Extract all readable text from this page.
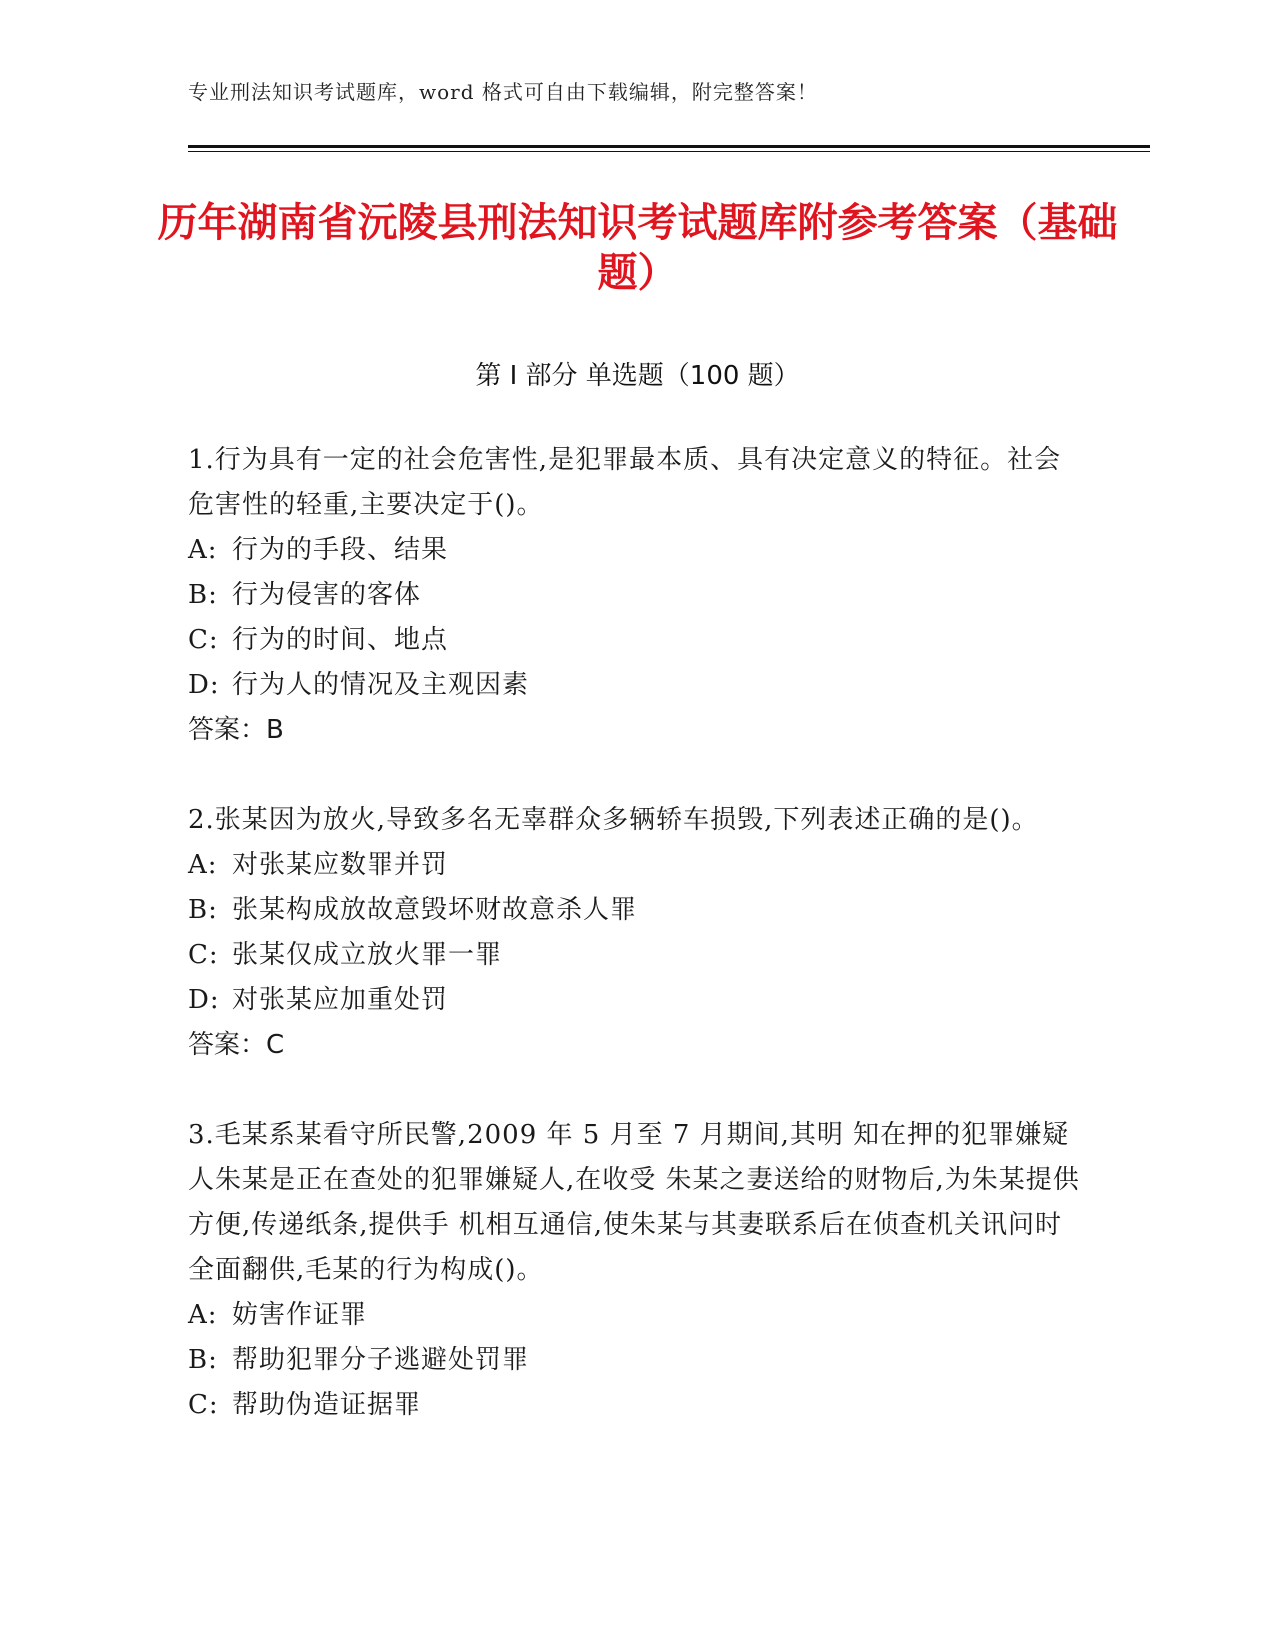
专业刑法知识考试题库，word 格式可自由下载编辑，附完整答案！
历年湖南省沅陵县刑法知识考试题库附参考答案（基础题）
第 I 部分 单选题（100 题）
1.行为具有一定的社会危害性,是犯罪最本质、具有决定意义的特征。社会危害性的轻重,主要决定于()。
A: 行为的手段、结果
B: 行为侵害的客体
C: 行为的时间、地点
D: 行为人的情况及主观因素
答案：B
2.张某因为放火,导致多名无辜群众多辆轿车损毁,下列表述正确的是()。
A: 对张某应数罪并罚
B: 张某构成放故意毁坏财故意杀人罪
C: 张某仅成立放火罪一罪
D: 对张某应加重处罚
答案：C
3.毛某系某看守所民警,2009 年 5 月至 7 月期间,其明 知在押的犯罪嫌疑人朱某是正在查处的犯罪嫌疑人,在收受 朱某之妻送给的财物后,为朱某提供方便,传递纸条,提供手 机相互通信,使朱某与其妻联系后在侦查机关讯问时全面翻供,毛某的行为构成()。
A: 妨害作证罪
B: 帮助犯罪分子逃避处罚罪
C: 帮助伪造证据罪
